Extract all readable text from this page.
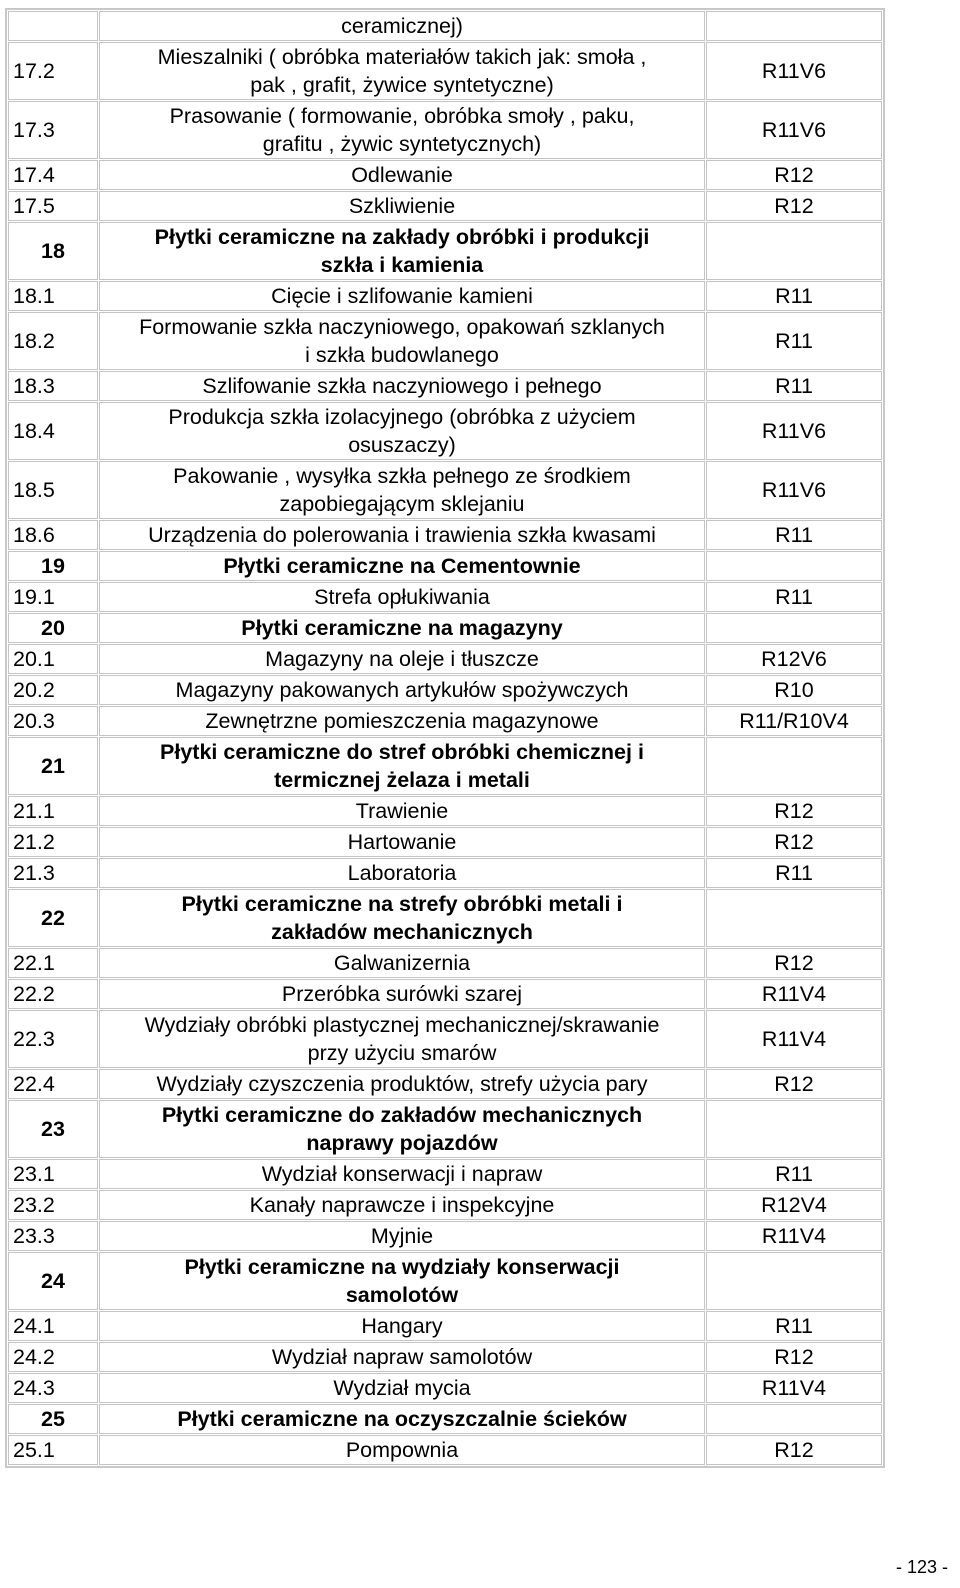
	ceramicznej)	
17.2	Mieszalniki ( obróbka materiałów takich jak: smoła ,
pak , grafit, żywice syntetyczne)	R11V6
17.3	Prasowanie ( formowanie, obróbka smoły , paku,
grafitu , żywic syntetycznych)	R11V6
17.4	Odlewanie	R12
17.5	Szkliwienie	R12
18	Płytki ceramiczne na zakłady obróbki i produkcji
szkła i kamienia	
18.1	Cięcie i szlifowanie kamieni	R11
18.2	Formowanie szkła naczyniowego, opakowań szklanych
i szkła budowlanego	R11
18.3	Szlifowanie szkła naczyniowego i pełnego	R11
18.4	Produkcja szkła izolacyjnego (obróbka z użyciem
osuszaczy)	R11V6
18.5	Pakowanie , wysyłka szkła pełnego ze środkiem
zapobiegającym sklejaniu	R11V6
18.6	Urządzenia do polerowania i trawienia szkła kwasami	R11
19	Płytki ceramiczne na Cementownie	
19.1	Strefa opłukiwania	R11
20	Płytki ceramiczne na magazyny	
20.1	Magazyny na oleje i tłuszcze	R12V6
20.2	Magazyny pakowanych artykułów spożywczych	R10
20.3	Zewnętrzne pomieszczenia magazynowe	R11/R10V4
21	Płytki ceramiczne do stref obróbki chemicznej i
termicznej żelaza i metali	
21.1	Trawienie	R12
21.2	Hartowanie	R12
21.3	Laboratoria	R11
22	Płytki ceramiczne na strefy obróbki metali i
zakładów mechanicznych	
22.1	Galwanizernia	R12
22.2	Przeróbka surówki szarej	R11V4
22.3	Wydziały obróbki plastycznej mechanicznej/skrawanie
przy użyciu smarów	R11V4
22.4	Wydziały czyszczenia produktów, strefy użycia pary	R12
23	Płytki ceramiczne do zakładów mechanicznych
naprawy pojazdów	
23.1	Wydział konserwacji i napraw	R11
23.2	Kanały naprawcze i inspekcyjne	R12V4
23.3	Myjnie	R11V4
24	Płytki ceramiczne na wydziały konserwacji
samolotów	
24.1	Hangary	R11
24.2	Wydział napraw samolotów	R12
24.3	Wydział mycia	R11V4
25	Płytki ceramiczne na oczyszczalnie ścieków	
25.1	Pompownia	R12
- 123 -
